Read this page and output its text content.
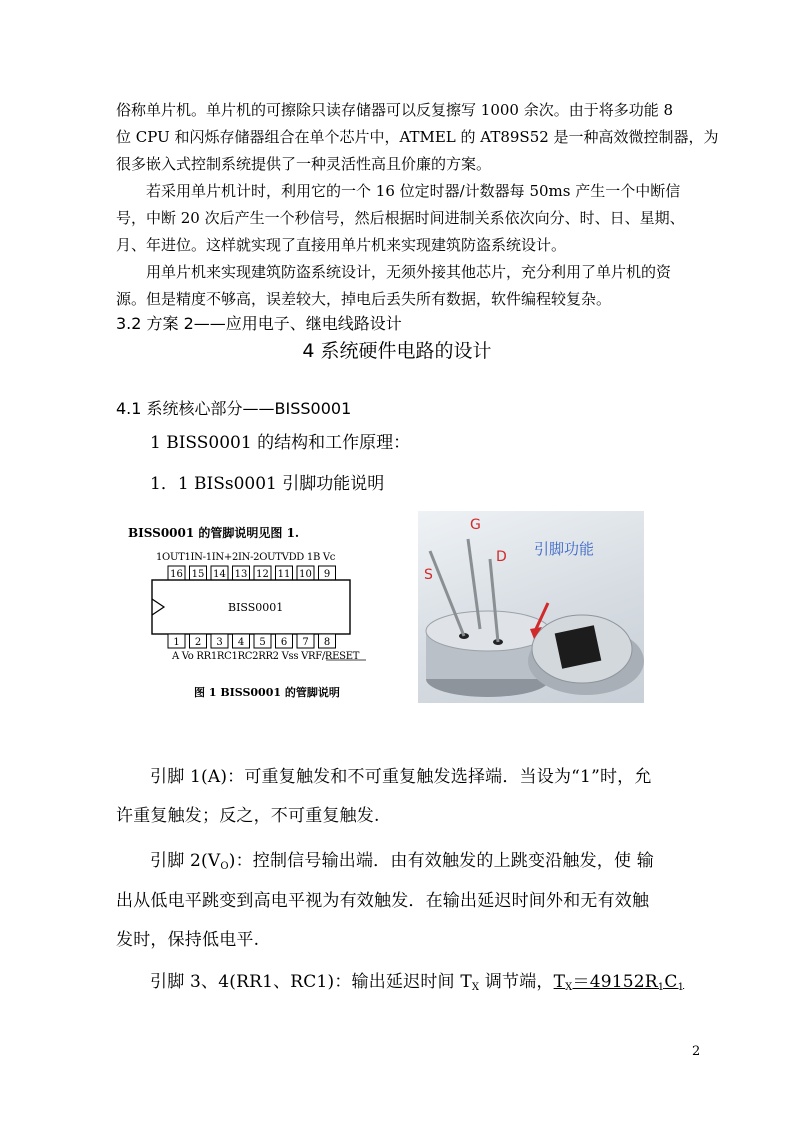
俗称单片机。单片机的可擦除只读存储器可以反复擦写 1000 余次。由于将多功能 8
位 CPU 和闪烁存储器组合在单个芯片中，ATMEL 的 AT89S52 是一种高效微控制器，为
很多嵌入式控制系统提供了一种灵活性高且价廉的方案。
若采用单片机计时，利用它的一个 16 位定时器/计数器每 50ms 产生一个中断信
号，中断 20 次后产生一个秒信号，然后根据时间进制关系依次向分、时、日、星期、
月、年进位。这样就实现了直接用单片机来实现建筑防盗系统设计。
用单片机来实现建筑防盗系统设计，无须外接其他芯片，充分利用了单片机的资
源。但是精度不够高，误差较大，掉电后丢失所有数据，软件编程较复杂。
3.2 方案 2——应用电子、继电线路设计
4 系统硬件电路的设计
4.1 系统核心部分——BISS0001
1 BISS0001 的结构和工作原理：
1．1 BISs0001 引脚功能说明
BISS0001 的管脚说明见图 1.
1OUT1IN-1IN+2IN-2OUTVDD 1B Vc
16 15 14 13 12 11 10 9
BISS0001
1 2 3 4 5 6 7 8
A Vo RR1RC1RC2RR2 Vss VRF/RESET
图 1 BISS0001 的管脚说明
引脚功能
S
G
D
引脚 1(A)：可重复触发和不可重复触发选择端．当设为“1”时，允
许重复触发；反之，不可重复触发.
引脚 $2(V_O)$：控制信号输出端．由有效触发的上跳变沿触发，使 输
出从低电平跳变到高电平视为有效触发．在输出延迟时间外和无有效触
发时，保持低电平.
引脚 3、4(RR1、RC1)：输出延迟时间 $T_X$ 调节端，$T_X=49152R_1C_1$
2
